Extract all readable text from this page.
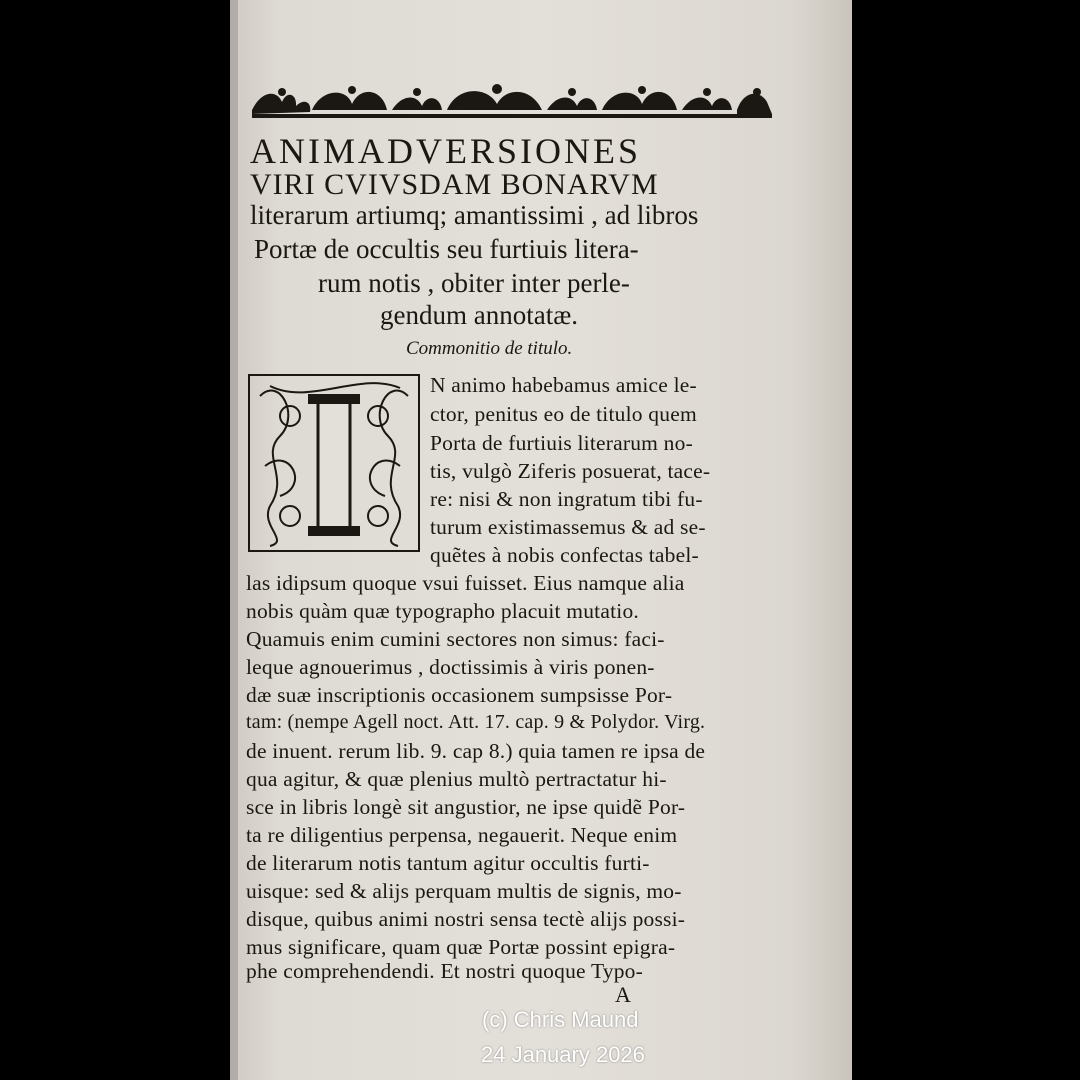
ANIMADVERSIONES
VIRI CVIVSDAM BONARVM
literarum artiumq; amantissimi , ad libros
Portæ de occultis seu furtiuis litera-
rum notis , obiter inter perle-
gendum annotatæ.
Commonitio de titulo.
N animo habebamus amice le-
ctor, penitus eo de titulo quem
Porta de furtiuis literarum no-
tis, vulgò Ziferis posuerat, tace-
re: nisi & non ingratum tibi fu-
turum existimassemus & ad se-
quẽtes à nobis confectas tabel-
las idipsum quoque vsui fuisset. Eius namque alia
nobis quàm quæ typographo placuit mutatio.
Quamuis enim cumini sectores non simus: faci-
leque agnouerimus , doctissimis à viris ponen-
dæ suæ inscriptionis occasionem sumpsisse Por-
tam: (nempe Agell noct. Att. 17. cap. 9 & Polydor. Virg.
de inuent. rerum lib. 9. cap 8.) quia tamen re ipsa de
qua agitur, & quæ plenius multò pertractatur hi-
sce in libris longè sit angustior, ne ipse quidẽ Por-
ta re diligentius perpensa, negauerit. Neque enim
de literarum notis tantum agitur occultis furti-
uisque: sed & alijs perquam multis de signis, mo-
disque, quibus animi nostri sensa tectè alijs possi-
mus significare, quam quæ Portæ possint epigra-
phe comprehendendi. Et nostri quoque Typo-
A
(c) Chris Maund
24 January 2026
